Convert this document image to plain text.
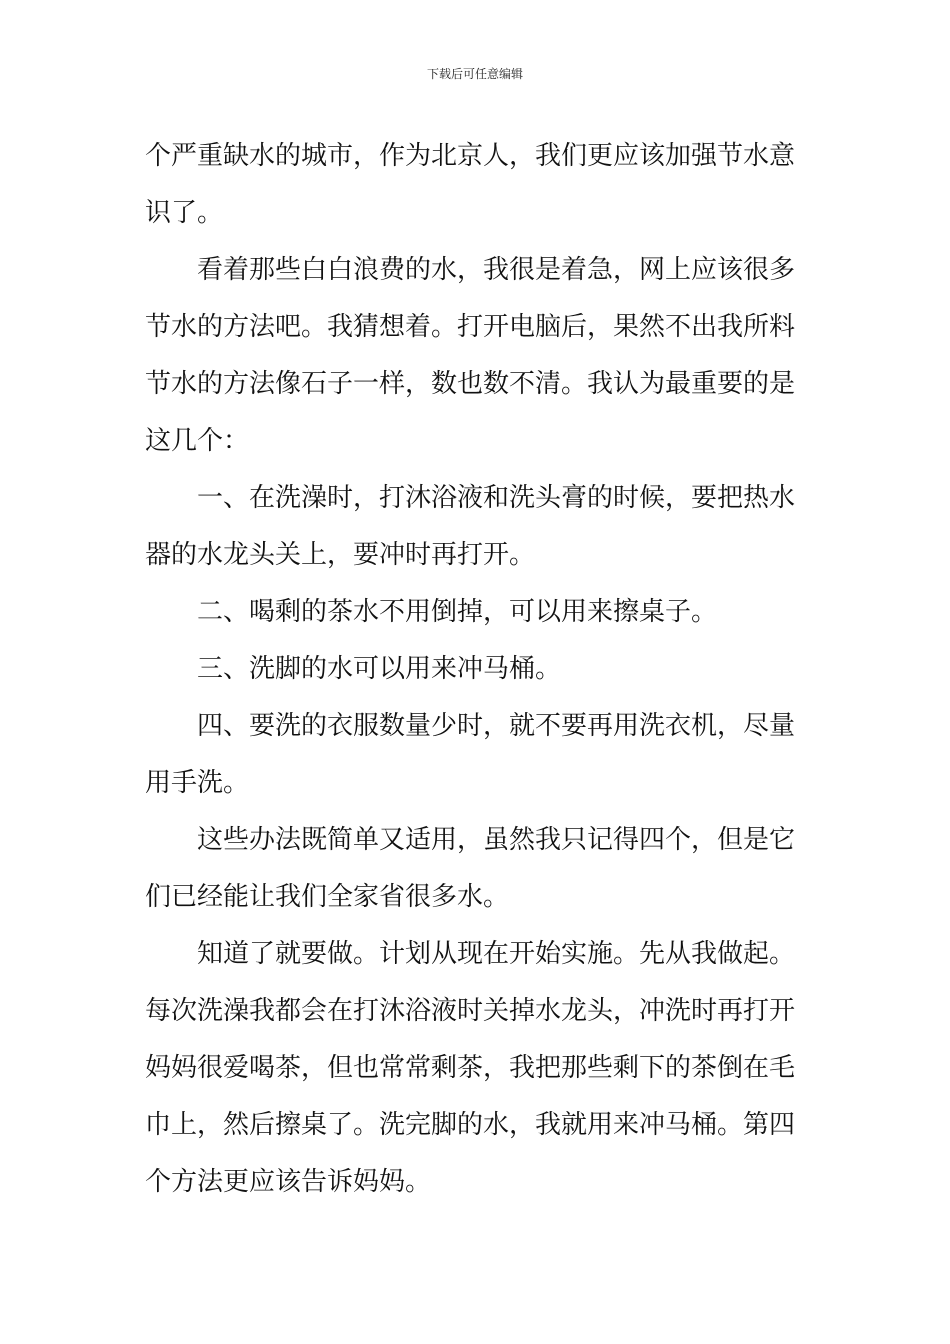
下载后可任意编辑
个严重缺水的城市，作为北京人，我们更应该加强节水意
识了。
看着那些白白浪费的水，我很是着急，网上应该很多
节水的方法吧。我猜想着。打开电脑后，果然不出我所料
节水的方法像石子一样，数也数不清。我认为最重要的是
这几个：
一、在洗澡时，打沐浴液和洗头膏的时候，要把热水
器的水龙头关上，要冲时再打开。
二、喝剩的茶水不用倒掉，可以用来擦桌子。
三、洗脚的水可以用来冲马桶。
四、要洗的衣服数量少时，就不要再用洗衣机，尽量
用手洗。
这些办法既简单又适用，虽然我只记得四个，但是它
们已经能让我们全家省很多水。
知道了就要做。计划从现在开始实施。先从我做起。
每次洗澡我都会在打沐浴液时关掉水龙头，冲洗时再打开
妈妈很爱喝茶，但也常常剩茶，我把那些剩下的茶倒在毛
巾上，然后擦桌了。洗完脚的水，我就用来冲马桶。第四
个方法更应该告诉妈妈。
